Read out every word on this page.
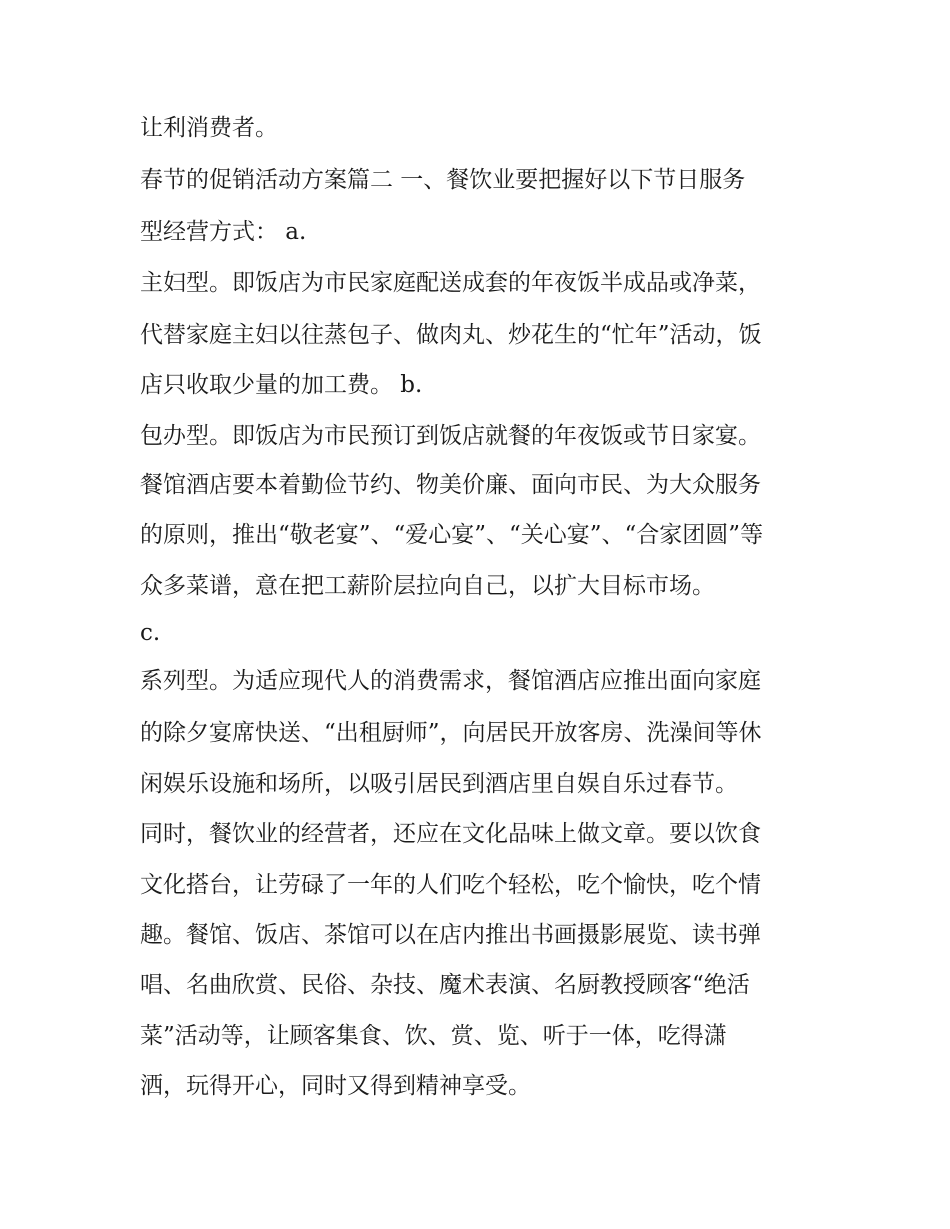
让利消费者。
春节的促销活动方案篇二 一、餐饮业要把握好以下节日服务
型经营方式： a.
主妇型。即饭店为市民家庭配送成套的年夜饭半成品或净菜，
代替家庭主妇以往蒸包子、做肉丸、炒花生的“忙年”活动，饭
店只收取少量的加工费。 b.
包办型。即饭店为市民预订到饭店就餐的年夜饭或节日家宴。
餐馆酒店要本着勤俭节约、物美价廉、面向市民、为大众服务
的原则，推出“敬老宴”、“爱心宴”、“关心宴”、“合家团圆”等
众多菜谱，意在把工薪阶层拉向自己，以扩大目标市场。
c.
系列型。为适应现代人的消费需求，餐馆酒店应推出面向家庭
的除夕宴席快送、“出租厨师”，向居民开放客房、洗澡间等休
闲娱乐设施和场所，以吸引居民到酒店里自娱自乐过春节。
同时，餐饮业的经营者，还应在文化品味上做文章。要以饮食
文化搭台，让劳碌了一年的人们吃个轻松，吃个愉快，吃个情
趣。餐馆、饭店、茶馆可以在店内推出书画摄影展览、读书弹
唱、名曲欣赏、民俗、杂技、魔术表演、名厨教授顾客“绝活
菜”活动等，让顾客集食、饮、赏、览、听于一体，吃得潇
洒，玩得开心，同时又得到精神享受。
